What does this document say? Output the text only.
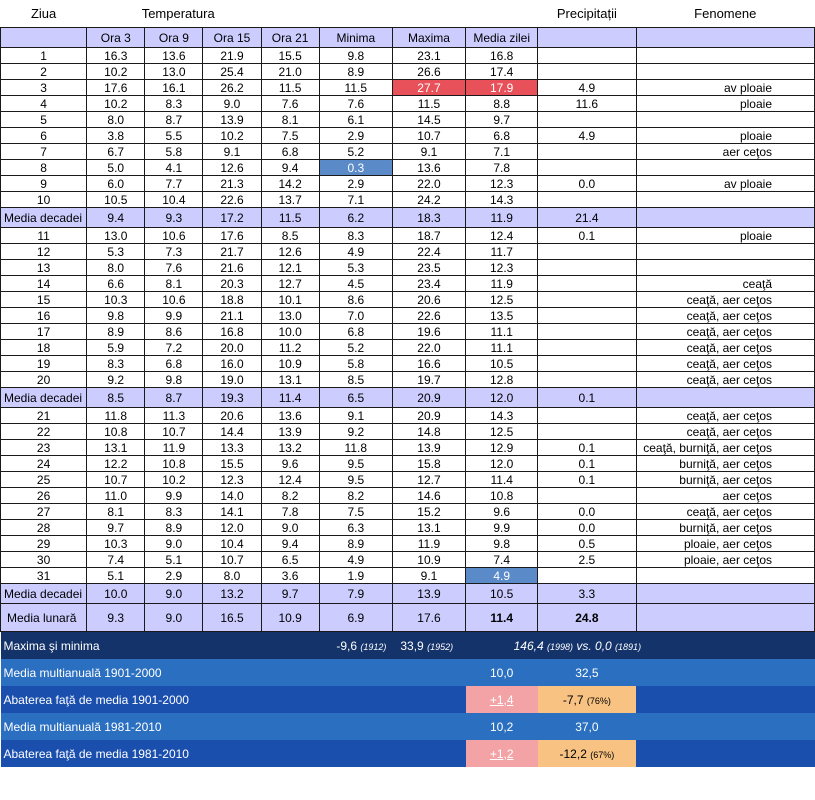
Ziua	Temperatura							Precipitații	Fenomene
	Ora 3	Ora 9	Ora 15	Ora 21	Minima	Maxima	Media zilei		
1	16.3	13.6	21.9	15.5	9.8	23.1	16.8		
2	10.2	13.0	25.4	21.0	8.9	26.6	17.4		
3	17.6	16.1	26.2	11.5	11.5	27.7	17.9	4.9	av ploaie
4	10.2	8.3	9.0	7.6	7.6	11.5	8.8	11.6	ploaie
5	8.0	8.7	13.9	8.1	6.1	14.5	9.7		
6	3.8	5.5	10.2	7.5	2.9	10.7	6.8	4.9	ploaie
7	6.7	5.8	9.1	6.8	5.2	9.1	7.1		aer ceţos
8	5.0	4.1	12.6	9.4	0.3	13.6	7.8		
9	6.0	7.7	21.3	14.2	2.9	22.0	12.3	0.0	av ploaie
10	10.5	10.4	22.6	13.7	7.1	24.2	14.3		
Media decadei	9.4	9.3	17.2	11.5	6.2	18.3	11.9	21.4	
11	13.0	10.6	17.6	8.5	8.3	18.7	12.4	0.1	ploaie
12	5.3	7.3	21.7	12.6	4.9	22.4	11.7		
13	8.0	7.6	21.6	12.1	5.3	23.5	12.3		
14	6.6	8.1	20.3	12.7	4.5	23.4	11.9		ceaţă
15	10.3	10.6	18.8	10.1	8.6	20.6	12.5		ceaţă, aer ceţos
16	9.8	9.9	21.1	13.0	7.0	22.6	13.5		ceaţă, aer ceţos
17	8.9	8.6	16.8	10.0	6.8	19.6	11.1		ceaţă, aer ceţos
18	5.9	7.2	20.0	11.2	5.2	22.0	11.1		ceaţă, aer ceţos
19	8.3	6.8	16.0	10.9	5.8	16.6	10.5		ceaţă, aer ceţos
20	9.2	9.8	19.0	13.1	8.5	19.7	12.8		ceaţă, aer ceţos
Media decadei	8.5	8.7	19.3	11.4	6.5	20.9	12.0	0.1	
21	11.8	11.3	20.6	13.6	9.1	20.9	14.3		ceaţă, aer ceţos
22	10.8	10.7	14.4	13.9	9.2	14.8	12.5		ceaţă, aer ceţos
23	13.1	11.9	13.3	13.2	11.8	13.9	12.9	0.1	ceaţă, burniţă, aer ceţos
24	12.2	10.8	15.5	9.6	9.5	15.8	12.0	0.1	burniţă, aer ceţos
25	10.7	10.2	12.3	12.4	9.5	12.7	11.4	0.1	burniţă, aer ceţos
26	11.0	9.9	14.0	8.2	8.2	14.6	10.8		aer ceţos
27	8.1	8.3	14.1	7.8	7.5	15.2	9.6	0.0	ceaţă, aer ceţos
28	9.7	8.9	12.0	9.0	6.3	13.1	9.9	0.0	burniţă, aer ceţos
29	10.3	9.0	10.4	9.4	8.9	11.9	9.8	0.5	ploaie, aer ceţos
30	7.4	5.1	10.7	6.5	4.9	10.9	7.4	2.5	ploaie, aer ceţos
31	5.1	2.9	8.0	3.6	1.9	9.1	4.9		
Media decadei	10.0	9.0	13.2	9.7	7.9	13.9	10.5	3.3	
Media lunară	9.3	9.0	16.5	10.9	6.9	17.6	11.4	24.8	
Maxima şi minima				-9,6 (1912)		33,9 (1952)	146,4 (1998) vs. 0,0 (1891)		
Media multianuală 1901-2000							10,0	32,5	
Abaterea faţă de media 1901-2000							+1,4	-7,7 (76%)	
Media multianuală 1981-2010							10,2	37,0	
Abaterea faţă de media 1981-2010							+1,2	-12,2 (67%)	
